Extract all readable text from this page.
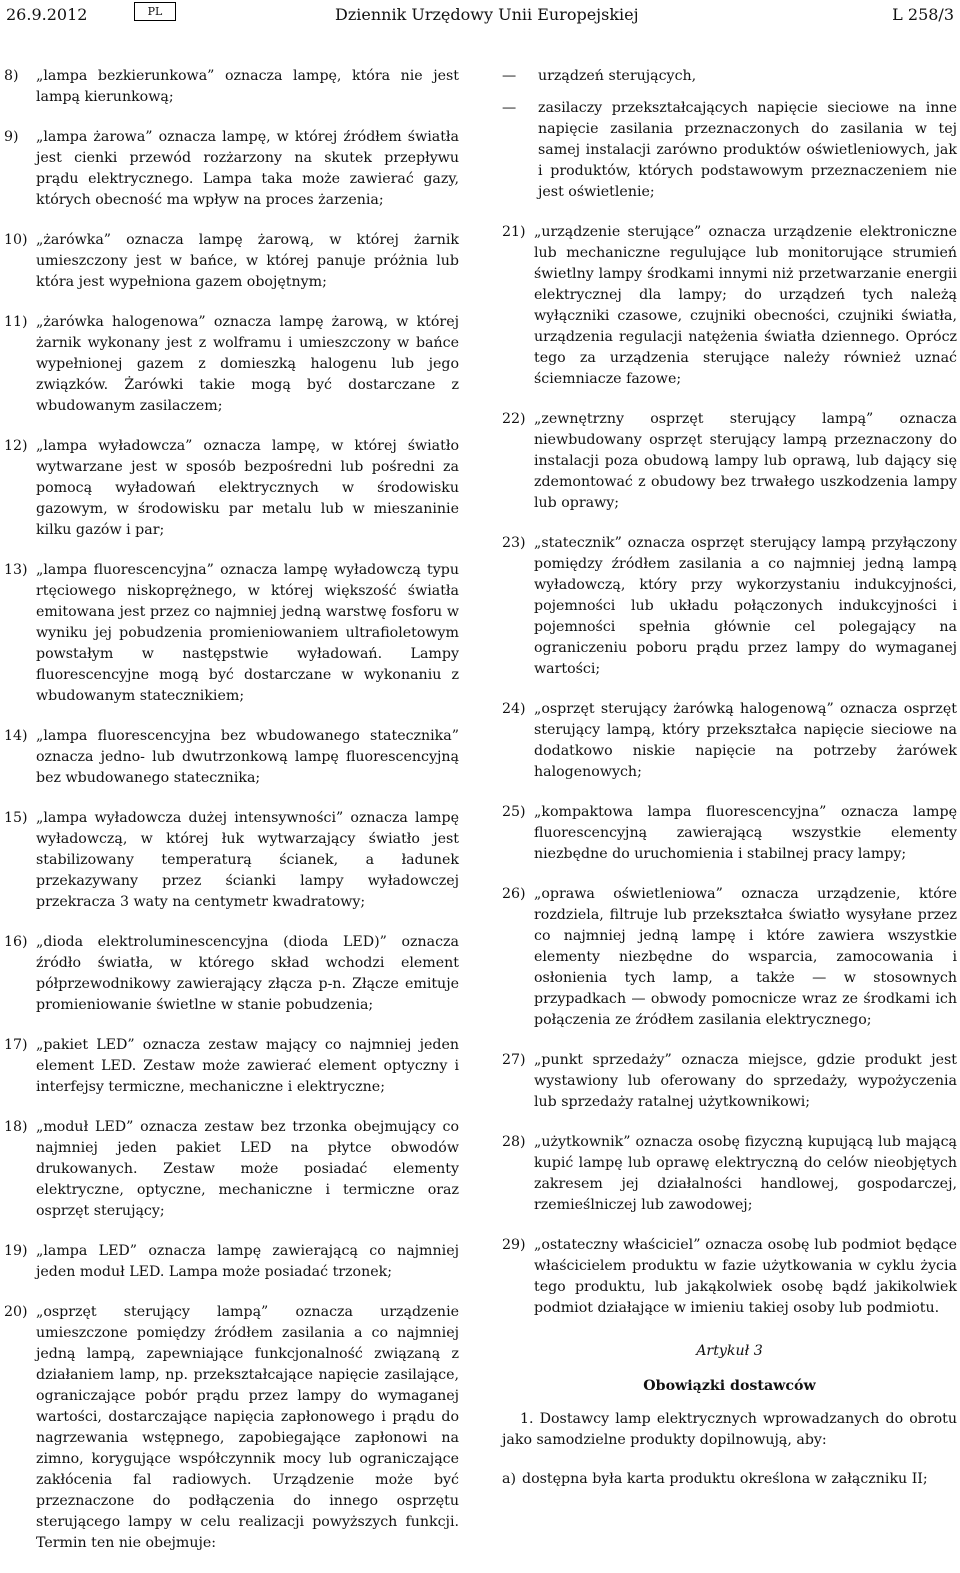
26.9.2012	PL	Dziennik Urzędowy Unii Europejskiej	L 258/3
8)	„lampa bezkierunkowa” oznacza lampę, która nie jest lampą kierunkową;
9)	„lampa żarowa” oznacza lampę, w której źródłem światła jest cienki przewód rozżarzony na skutek przepływu prądu elektrycznego. Lampa taka może zawierać gazy, których obecność ma wpływ na proces żarzenia;
10) „żarówka” oznacza lampę żarową, w której żarnik umieszczony jest w bańce, w której panuje próżnia lub która jest wypełniona gazem obojętnym;
11) „żarówka halogenowa” oznacza lampę żarową, w której żarnik wykonany jest z wolframu i umieszczony w bańce wypełnionej gazem z domieszką halogenu lub jego związków. Żarówki takie mogą być dostarczane z wbudowanym zasilaczem;
12) „lampa wyładowcza” oznacza lampę, w której światło wytwarzane jest w sposób bezpośredni lub pośredni za pomocą wyładowań elektrycznych w środowisku gazowym, w środowisku par metalu lub w mieszaninie kilku gazów i par;
13) „lampa fluorescencyjna” oznacza lampę wyładowczą typu rtęciowego niskoprężnego, w której większość światła emitowana jest przez co najmniej jedną warstwę fosforu w wyniku jej pobudzenia promieniowaniem ultrafioletowym powstałym w następstwie wyładowań. Lampy fluorescencyjne mogą być dostarczane w wykonaniu z wbudowanym statecznikiem;
14) „lampa fluorescencyjna bez wbudowanego statecznika” oznacza jedno- lub dwutrzonkową lampę fluorescencyjną bez wbudowanego statecznika;
15) „lampa wyładowcza dużej intensywności” oznacza lampę wyładowczą, w której łuk wytwarzający światło jest stabilizowany temperaturą ścianek, a ładunek przekazywany przez ścianki lampy wyładowczej przekracza 3 waty na centymetr kwadratowy;
16) „dioda elektroluminescencyjna (dioda LED)” oznacza źródło światła, w którego skład wchodzi element półprzewodnikowy zawierający złącza p-n. Złącze emituje promieniowanie świetlne w stanie pobudzenia;
17) „pakiet LED” oznacza zestaw mający co najmniej jeden element LED. Zestaw może zawierać element optyczny i interfejsy termiczne, mechaniczne i elektryczne;
18) „moduł LED” oznacza zestaw bez trzonka obejmujący co najmniej jeden pakiet LED na płytce obwodów drukowanych. Zestaw może posiadać elementy elektryczne, optyczne, mechaniczne i termiczne oraz osprzęt sterujący;
19) „lampa LED” oznacza lampę zawierającą co najmniej jeden moduł LED. Lampa może posiadać trzonek;
20) „osprzęt sterujący lampą” oznacza urządzenie umieszczone pomiędzy źródłem zasilania a co najmniej jedną lampą, zapewniające funkcjonalność związaną z działaniem lamp, np. przekształcające napięcie zasilające, ograniczające pobór prądu przez lampy do wymaganej wartości, dostarczające napięcia zapłonowego i prądu do nagrzewania wstępnego, zapobiegające zapłonowi na zimno, korygujące współczynnik mocy lub ograniczające zakłócenia fal radiowych. Urządzenie może być przeznaczone do podłączenia do innego osprzętu sterującego lampy w celu realizacji powyższych funkcji. Termin ten nie obejmuje:
—	urządzeń sterujących,
—	zasilaczy przekształcających napięcie sieciowe na inne napięcie zasilania przeznaczonych do zasilania w tej samej instalacji zarówno produktów oświetleniowych, jak i produktów, których podstawowym przeznaczeniem nie jest oświetlenie;
21) „urządzenie sterujące” oznacza urządzenie elektroniczne lub mechaniczne regulujące lub monitorujące strumień świetlny lampy środkami innymi niż przetwarzanie energii elektrycznej dla lampy; do urządzeń tych należą wyłączniki czasowe, czujniki obecności, czujniki światła, urządzenia regulacji natężenia światła dziennego. Oprócz tego za urządzenia sterujące należy również uznać ściemniacze fazowe;
22) „zewnętrzny osprzęt sterujący lampą” oznacza niewbudowany osprzęt sterujący lampą przeznaczony do instalacji poza obudową lampy lub oprawą, lub dający się zdemontować z obudowy bez trwałego uszkodzenia lampy lub oprawy;
23) „statecznik” oznacza osprzęt sterujący lampą przyłączony pomiędzy źródłem zasilania a co najmniej jedną lampą wyładowczą, który przy wykorzystaniu indukcyjności, pojemności lub układu połączonych indukcyjności i pojemności spełnia głównie cel polegający na ograniczeniu poboru prądu przez lampy do wymaganej wartości;
24) „osprzęt sterujący żarówką halogenową” oznacza osprzęt sterujący lampą, który przekształca napięcie sieciowe na dodatkowo niskie napięcie na potrzeby żarówek halogenowych;
25) „kompaktowa lampa fluorescencyjna” oznacza lampę fluorescencyjną zawierającą wszystkie elementy niezbędne do uruchomienia i stabilnej pracy lampy;
26) „oprawa oświetleniowa” oznacza urządzenie, które rozdziela, filtruje lub przekształca światło wysyłane przez co najmniej jedną lampę i które zawiera wszystkie elementy niezbędne do wsparcia, zamocowania i osłonienia tych lamp, a także — w stosownych przypadkach — obwody pomocnicze wraz ze środkami ich połączenia ze źródłem zasilania elektrycznego;
27) „punkt sprzedaży” oznacza miejsce, gdzie produkt jest wystawiony lub oferowany do sprzedaży, wypożyczenia lub sprzedaży ratalnej użytkownikowi;
28) „użytkownik” oznacza osobę fizyczną kupującą lub mającą kupić lampę lub oprawę elektryczną do celów nieobjętych zakresem jej działalności handlowej, gospodarczej, rzemieślniczej lub zawodowej;
29) „ostateczny właściciel” oznacza osobę lub podmiot będące właścicielem produktu w fazie użytkowania w cyklu życia tego produktu, lub jakąkolwiek osobę bądź jakikolwiek podmiot działające w imieniu takiej osoby lub podmiotu.
Artykuł 3
Obowiązki dostawców
1. Dostawcy lamp elektrycznych wprowadzanych do obrotu jako samodzielne produkty dopilnowują, aby:
a) dostępna była karta produktu określona w załączniku II;
